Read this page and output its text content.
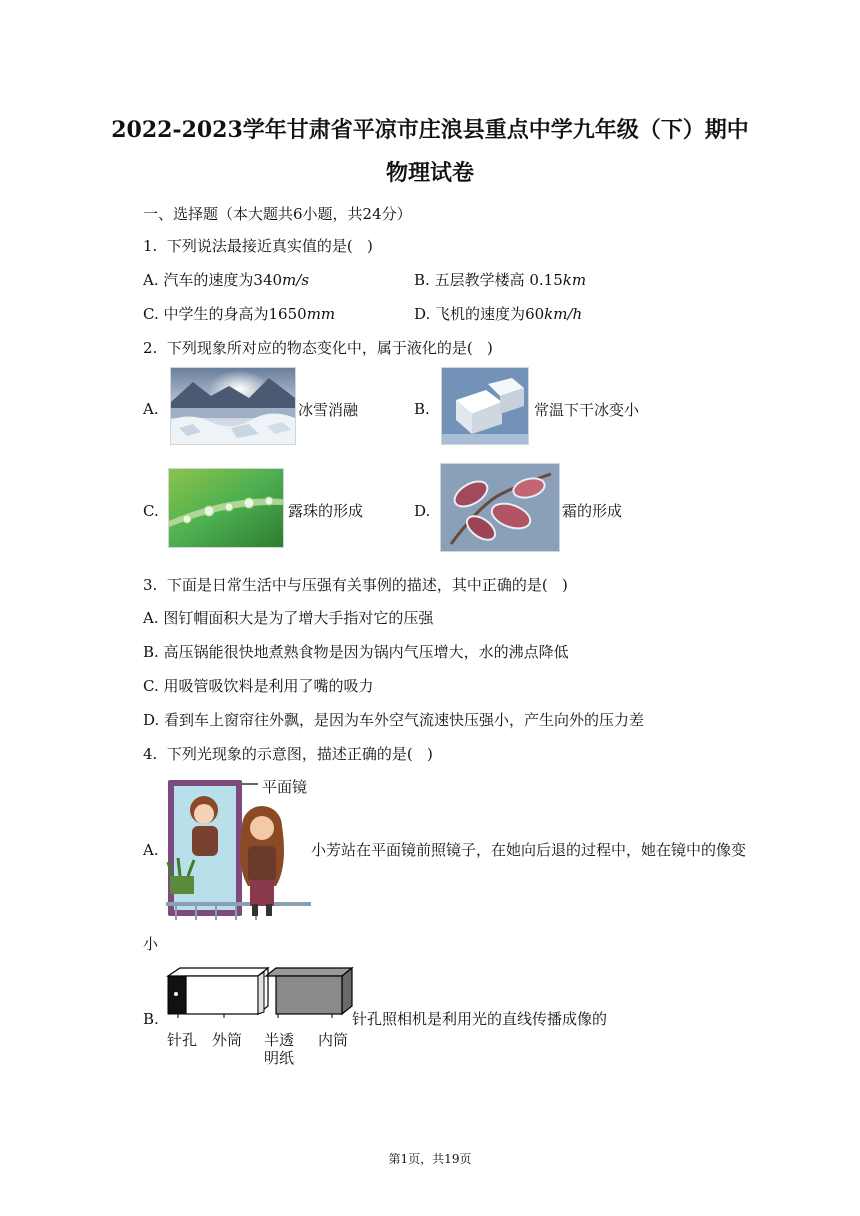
2022-2023学年甘肃省平凉市庄浪县重点中学九年级（下）期中
物理试卷
一、选择题（本大题共6小题，共24分）
1.  下列说法最接近真实值的是(   )
A. 汽车的速度为340m/s	B. 五层教学楼高 0.15km
C. 中学生的身高为1650mm	D. 飞机的速度为60km/h
2.  下列现象所对应的物态变化中，属于液化的是(   )
A.	冰雪消融	B.	常温下干冰变小
C.	露珠的形成	D.	霜的形成
3.  下面是日常生活中与压强有关事例的描述，其中正确的是(   )
A. 图钉帽面积大是为了增大手指对它的压强
B. 高压锅能很快地煮熟食物是因为锅内气压增大，水的沸点降低
C. 用吸管吸饮料是利用了嘴的吸力
D. 看到车上窗帘往外飘，是因为车外空气流速快压强小，产生向外的压力差
4.  下列光现象的示意图，描述正确的是(   )
A.
平面镜
小芳站在平面镜前照镜子，在她向后退的过程中，她在镜中的像变
小
B.
针孔 外筒 半透
明纸
内筒
针孔照相机是利用光的直线传播成像的
第1页，共19页
